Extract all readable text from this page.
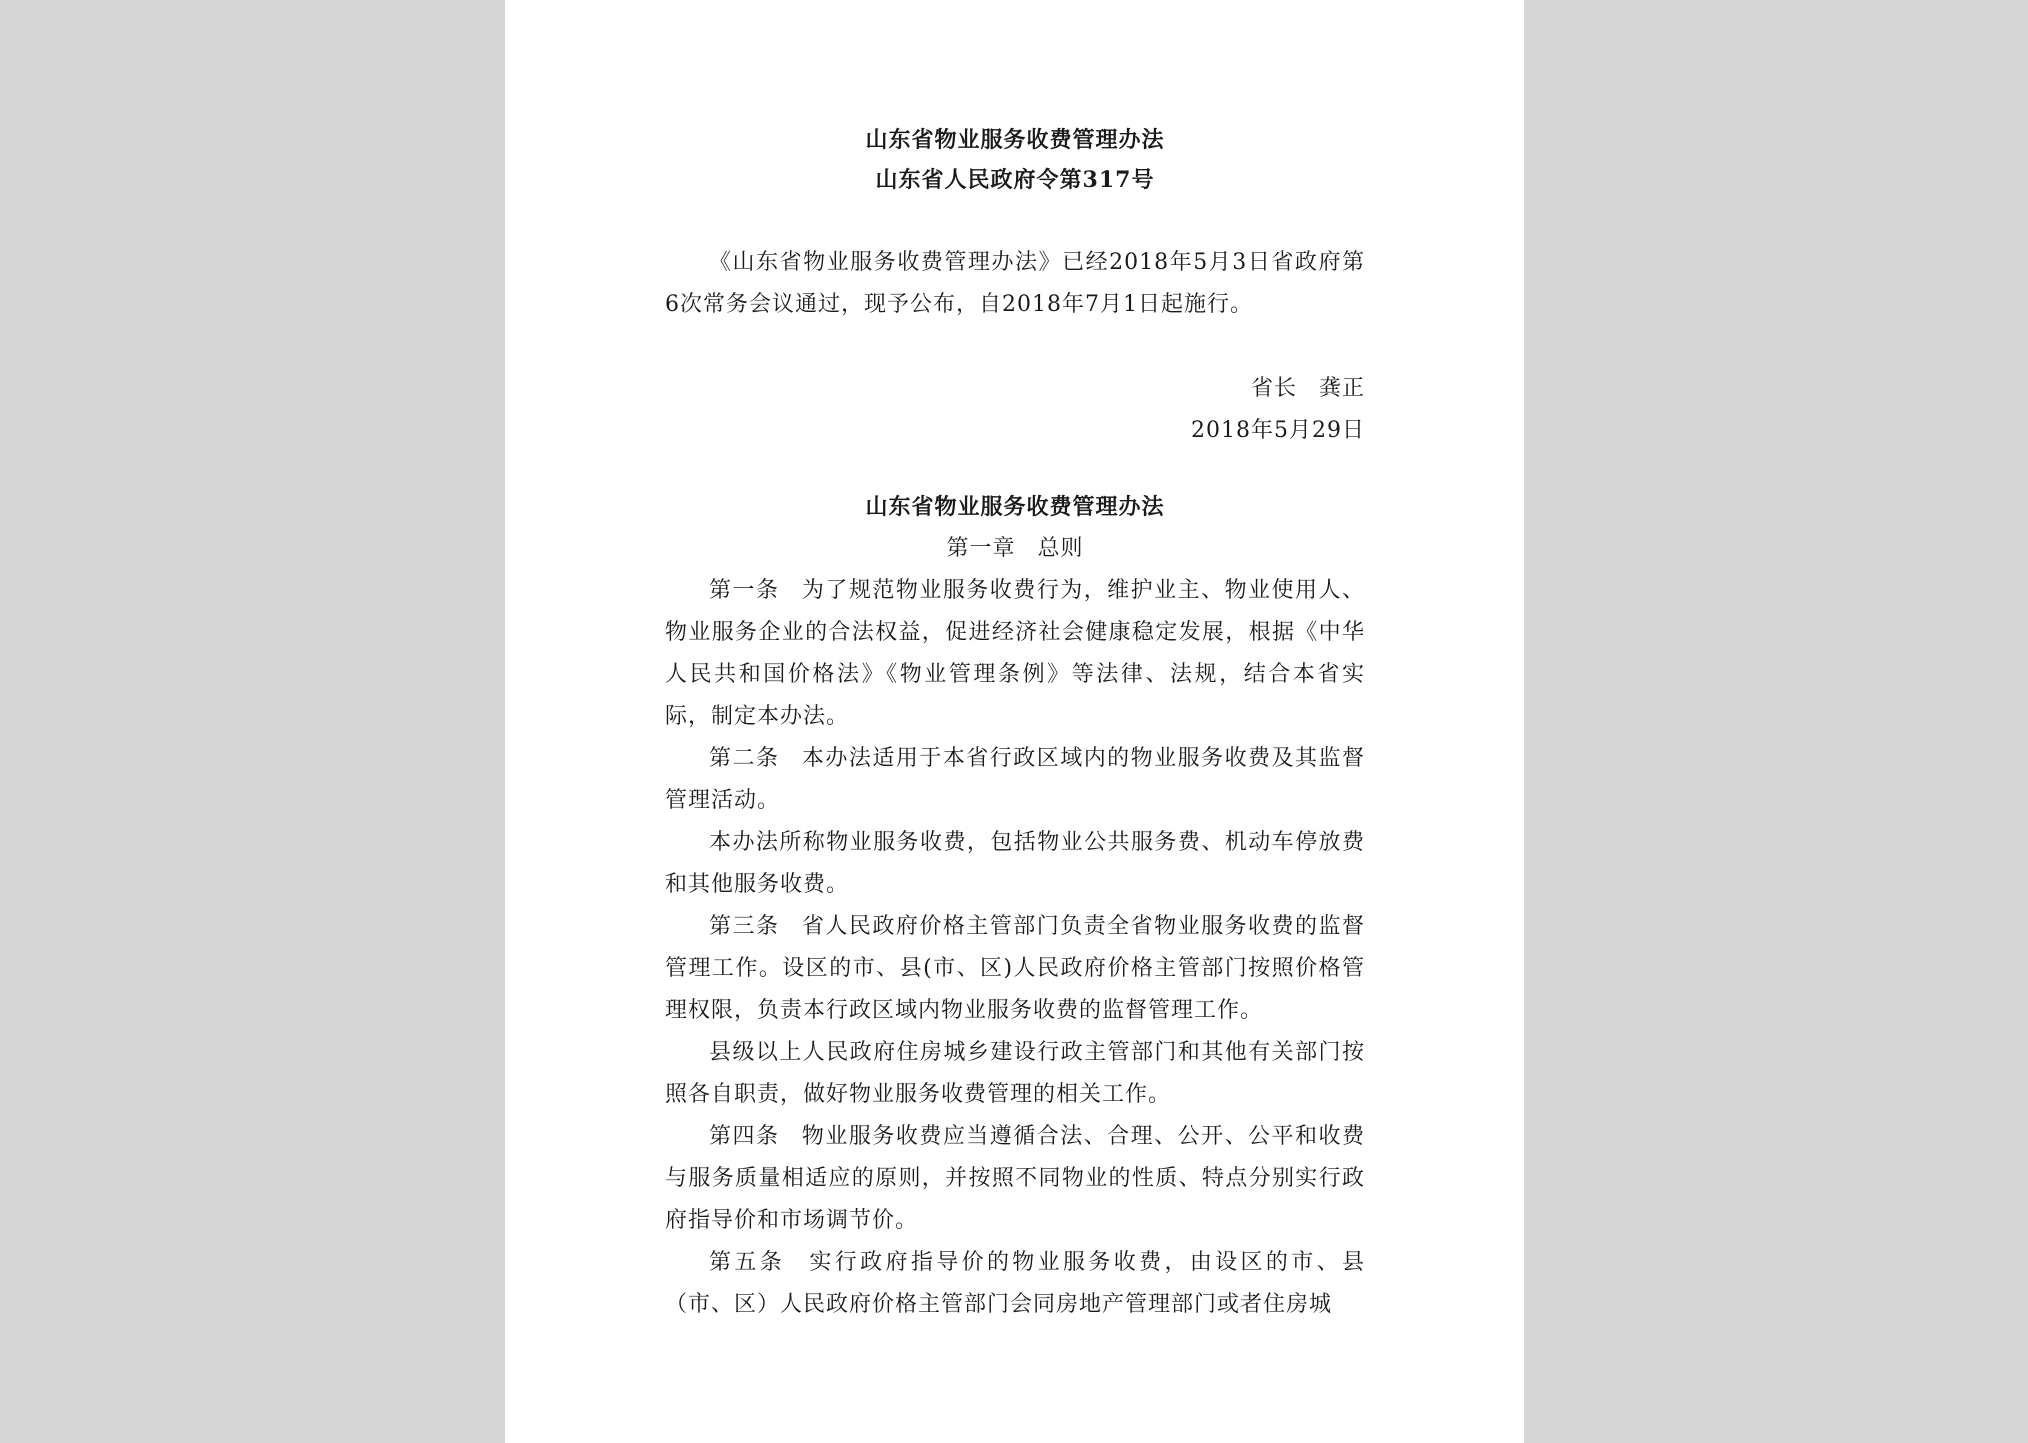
山东省物业服务收费管理办法
山东省人民政府令第317号

《山东省物业服务收费管理办法》已经2018年5月3日省政府第6次常务会议通过，现予公布，自2018年7月1日起施行。

省长 龚正
2018年5月29日
山东省物业服务收费管理办法
第一章 总则

第一条 为了规范物业服务收费行为，维护业主、物业使用人、物业服务企业的合法权益，促进经济社会健康稳定发展，根据《中华人民共和国价格法》《物业管理条例》等法律、法规，结合本省实际，制定本办法。

第二条 本办法适用于本省行政区域内的物业服务收费及其监督管理活动。

本办法所称物业服务收费，包括物业公共服务费、机动车停放费和其他服务收费。

第三条 省人民政府价格主管部门负责全省物业服务收费的监督管理工作。设区的市、县(市、区)人民政府价格主管部门按照价格管理权限，负责本行政区域内物业服务收费的监督管理工作。

县级以上人民政府住房城乡建设行政主管部门和其他有关部门按照各自职责，做好物业服务收费管理的相关工作。

第四条 物业服务收费应当遵循合法、合理、公开、公平和收费与服务质量相适应的原则，并按照不同物业的性质、特点分别实行政府指导价和市场调节价。

第五条 实行政府指导价的物业服务收费，由设区的市、县（市、区）人民政府价格主管部门会同房地产管理部门或者住房城
